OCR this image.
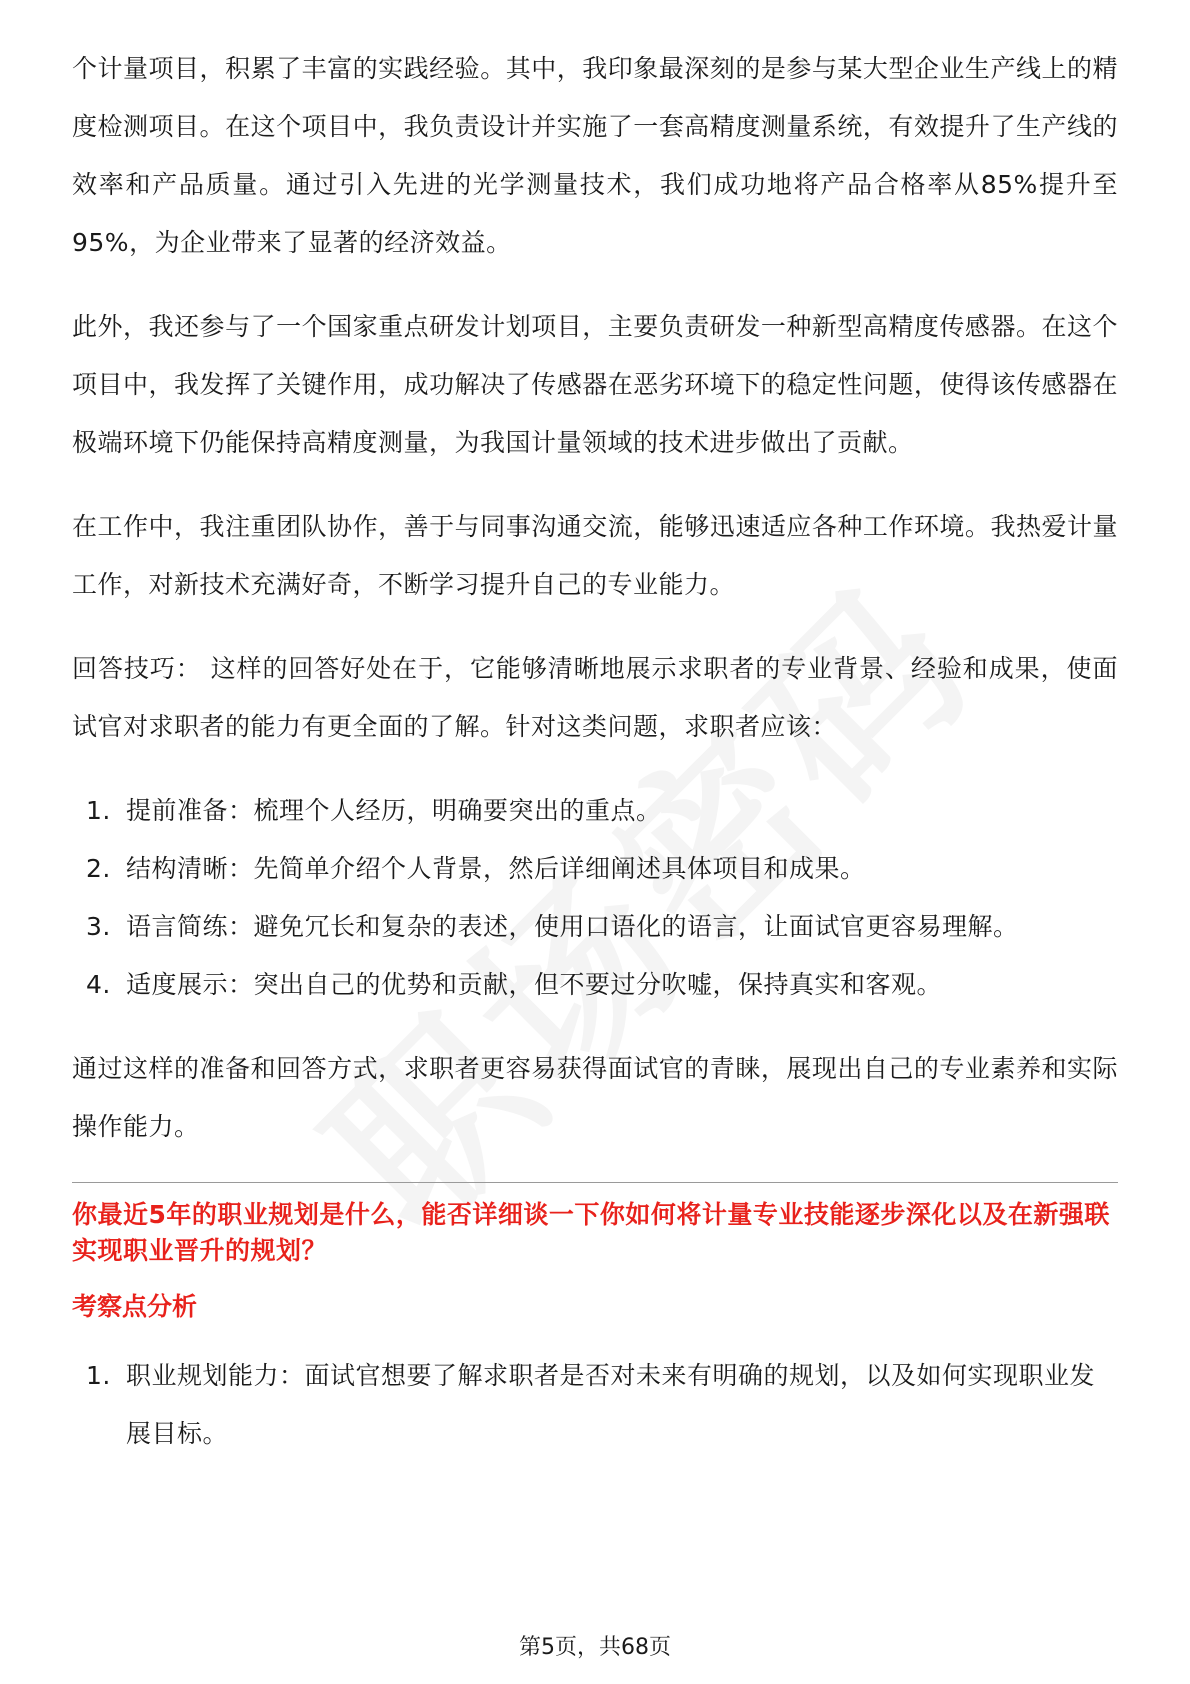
个计量项目，积累了丰富的实践经验。其中，我印象最深刻的是参与某大型企业生产线上的精度检测项目。在这个项目中，我负责设计并实施了一套高精度测量系统，有效提升了生产线的效率和产品质量。通过引入先进的光学测量技术，我们成功地将产品合格率从85%提升至95%，为企业带来了显著的经济效益。

此外，我还参与了一个国家重点研发计划项目，主要负责研发一种新型高精度传感器。在这个项目中，我发挥了关键作用，成功解决了传感器在恶劣环境下的稳定性问题，使得该传感器在极端环境下仍能保持高精度测量，为我国计量领域的技术进步做出了贡献。

在工作中，我注重团队协作，善于与同事沟通交流，能够迅速适应各种工作环境。我热爱计量工作，对新技术充满好奇，不断学习提升自己的专业能力。

回答技巧： 这样的回答好处在于，它能够清晰地展示求职者的专业背景、经验和成果，使面试官对求职者的能力有更全面的了解。针对这类问题，求职者应该：

1. 提前准备：梳理个人经历，明确要突出的重点。
2. 结构清晰：先简单介绍个人背景，然后详细阐述具体项目和成果。
3. 语言简练：避免冗长和复杂的表述，使用口语化的语言，让面试官更容易理解。
4. 适度展示：突出自己的优势和贡献，但不要过分吹嘘，保持真实和客观。

通过这样的准备和回答方式，求职者更容易获得面试官的青睐，展现出自己的专业素养和实际操作能力。

你最近5年的职业规划是什么，能否详细谈一下你如何将计量专业技能逐步深化以及在新强联实现职业晋升的规划？
考察点分析
1. 职业规划能力：面试官想要了解求职者是否对未来有明确的规划，以及如何实现职业发展目标。
第5页，共68页
